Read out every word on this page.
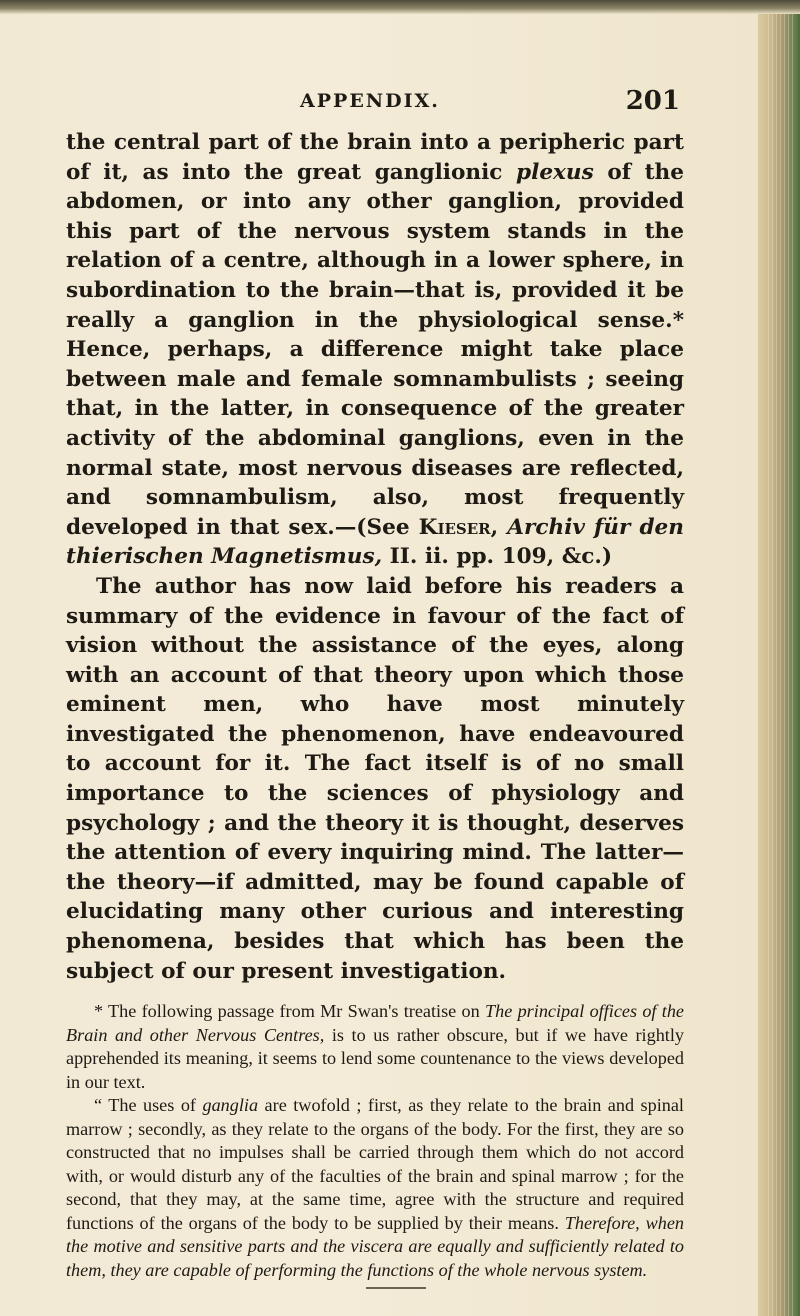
APPENDIX.	201

the central part of the brain into a peripheric part of it, as into the great ganglionic plexus of the abdomen, or into any other ganglion, provided this part of the nervous system stands in the relation of a centre, although in a lower sphere, in subordination to the brain—that is, provided it be really a ganglion in the physiological sense.* Hence, perhaps, a difference might take place between male and female somnambulists ; seeing that, in the latter, in consequence of the greater activity of the abdominal ganglions, even in the normal state, most nervous diseases are reflected, and somnambulism, also, most frequently developed in that sex.—(See Kieser, Archiv für den thierischen Magnetismus, II. ii. pp. 109, &c.)

The author has now laid before his readers a summary of the evidence in favour of the fact of vision without the assistance of the eyes, along with an account of that theory upon which those eminent men, who have most minutely investigated the phenomenon, have endeavoured to account for it. The fact itself is of no small importance to the sciences of physiology and psychology ; and the theory it is thought, deserves the attention of every inquiring mind. The latter—the theory—if admitted, may be found capable of elucidating many other curious and interesting phenomena, besides that which has been the subject of our present investigation.

* The following passage from Mr Swan's treatise on The principal offices of the Brain and other Nervous Centres, is to us rather obscure, but if we have rightly apprehended its meaning, it seems to lend some countenance to the views developed in our text.

“ The uses of ganglia are twofold ; first, as they relate to the brain and spinal marrow ; secondly, as they relate to the organs of the body. For the first, they are so constructed that no impulses shall be carried through them which do not accord with, or would disturb any of the faculties of the brain and spinal marrow ; for the second, that they may, at the same time, agree with the structure and required functions of the organs of the body to be supplied by their means. Therefore, when the motive and sensitive parts and the viscera are equally and sufficiently related to them, they are capable of performing the functions of the whole nervous system.
